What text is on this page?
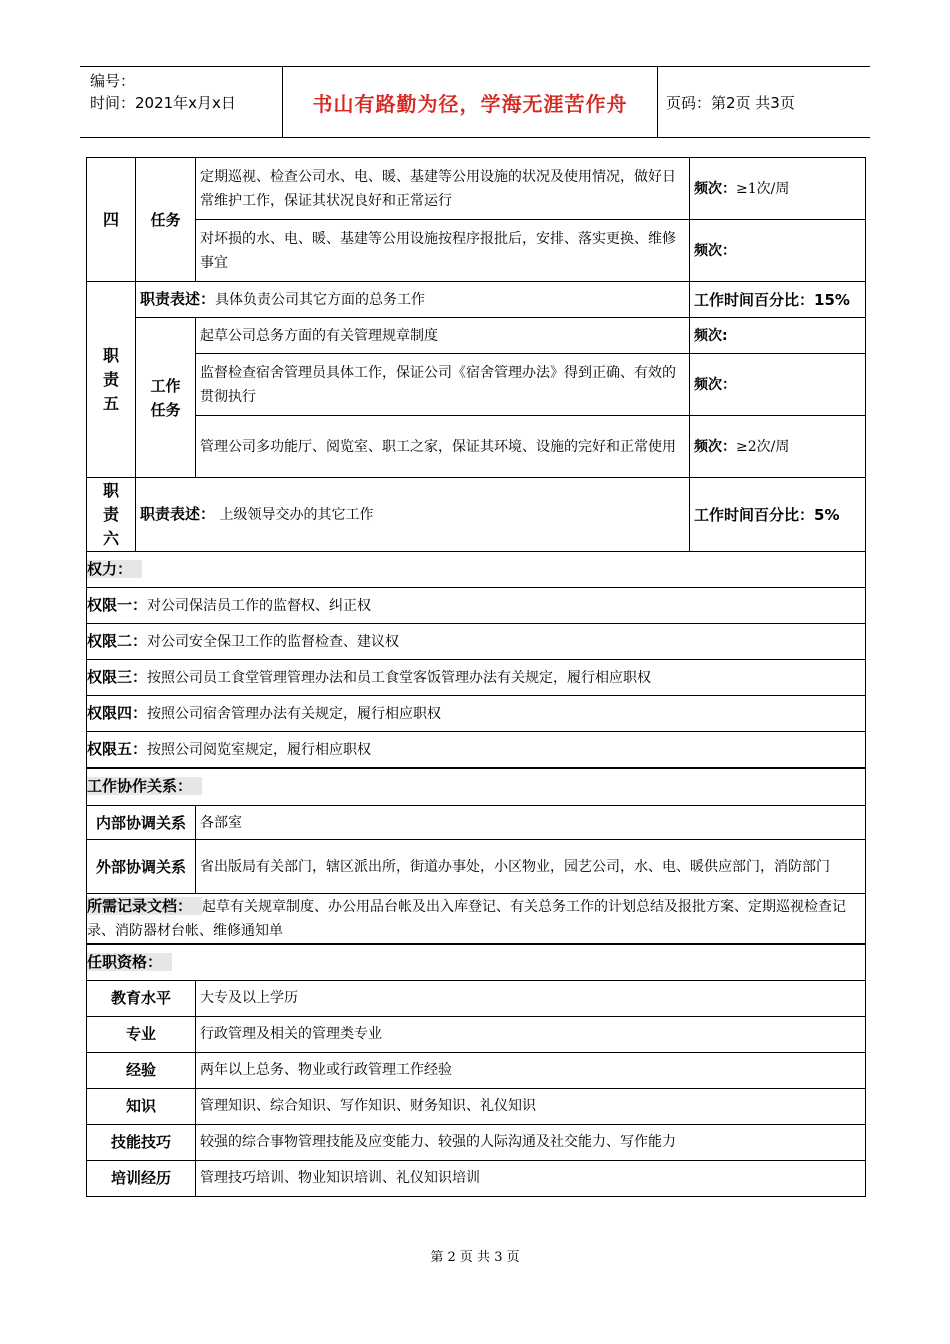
编号：
时间：2021年x月x日	书山有路勤为径，学海无涯苦作舟	页码：第2页 共3页
四	任务	定期巡视、检查公司水、电、暖、基建等公用设施的状况及使用情况，做好日常维护工作，保证其状况良好和正常运行	频次：≥1次/周
		对坏损的水、电、暖、基建等公用设施按程序报批后，安排、落实更换、维修事宜	频次：

职责五	职责表述：具体负责公司其它方面的总务工作		工作时间百分比：15%

	工作任务	起草公司总务方面的有关管理规章制度	频次:
		监督检查宿舍管理员具体工作，保证公司《宿舍管理办法》得到正确、有效的贯彻执行	频次：
		管理公司多功能厅、阅览室、职工之家，保证其环境、设施的完好和正常使用	频次：≥2次/周

职责六	职责表述： 上级领导交办的其它工作		工作时间百分比：5%
权力：			
权限一：对公司保洁员工作的监督权、纠正权			
权限二：对公司安全保卫工作的监督检查、建议权			
权限三：按照公司员工食堂管理管理办法和员工食堂客饭管理办法有关规定，履行相应职权			
权限四：按照公司宿舍管理办法有关规定，履行相应职权			
权限五：按照公司阅览室规定，履行相应职权			
工作协作关系：			
内部协调关系		各部室	
外部协调关系		省出版局有关部门，辖区派出所，街道办事处，小区物业，园艺公司，水、电、暖供应部门，消防部门	
所需记录文档： 起草有关规章制度、办公用品台帐及出入库登记、有关总务工作的计划总结及报批方案、定期巡视检查记录、消防器材台帐、维修通知单			
任职资格：			
教育水平		大专及以上学历	
专业		行政管理及相关的管理类专业	
经验		两年以上总务、物业或行政管理工作经验	
知识		管理知识、综合知识、写作知识、财务知识、礼仪知识	
技能技巧		较强的综合事物管理技能及应变能力、较强的人际沟通及社交能力、写作能力	
培训经历		管理技巧培训、物业知识培训、礼仪知识培训	
第 2 页 共 3 页
